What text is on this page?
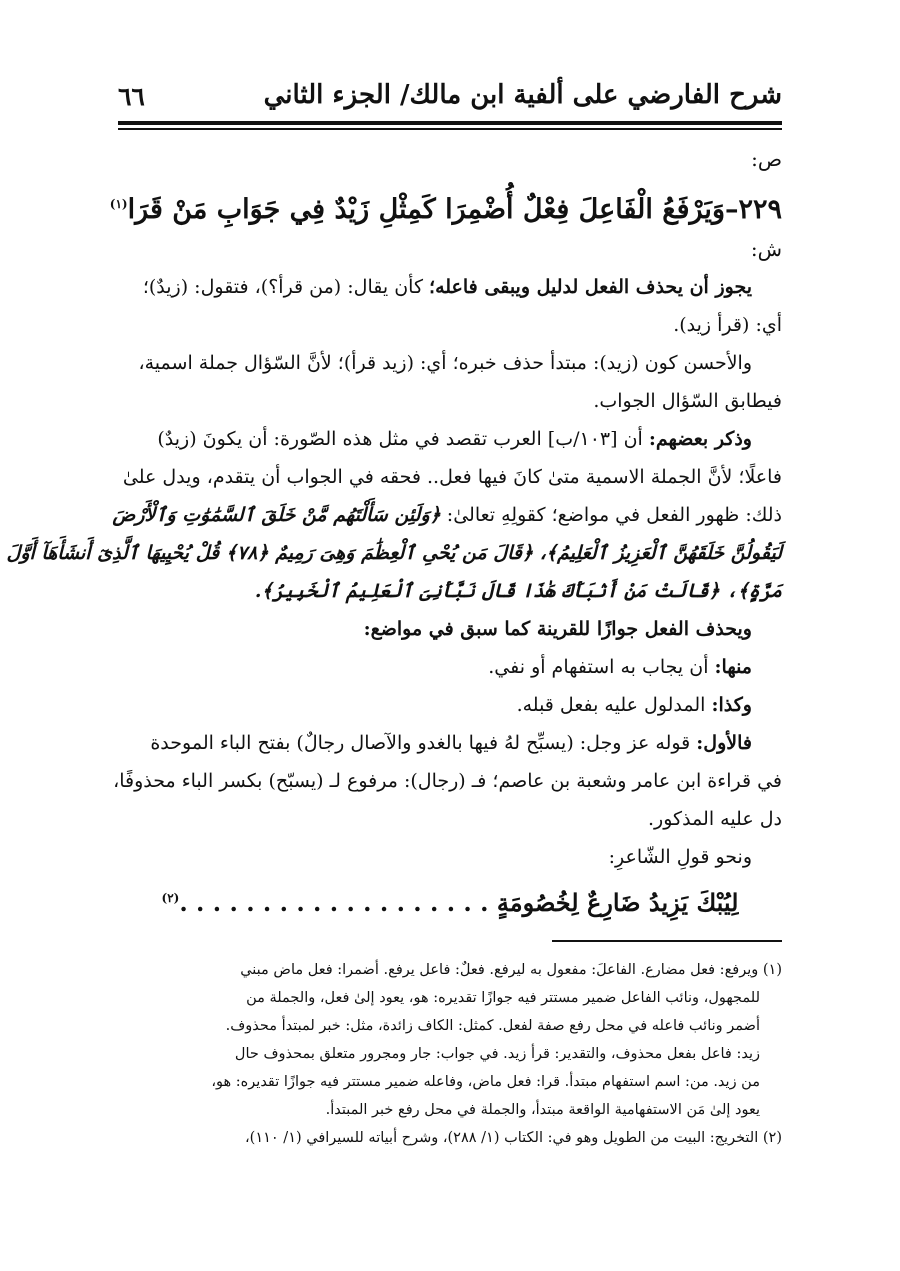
شرح الفارضي على ألفية ابن مالك/ الجزء الثاني
٦٦
ص:
٢٢٩–وَيَرْفَعُ الْفَاعِلَ فِعْلٌ أُضْمِرَا كَمِثْلِ زَيْدٌ فِي جَوَابِ مَنْ قَرَا$^{(١)}$
ش:
يجوز أن يحذف الفعل لدليل ويبقى فاعله؛ كأن يقال: (من قرأ؟)، فتقول: (زيدٌ)؛
أي: (قرأ زيد).
والأحسن كون (زيد): مبتدأ حذف خبره؛ أي: (زيد قرأ)؛ لأنَّ السّؤال جملة اسمية،
فيطابق السّؤال الجواب.
وذكر بعضهم: أن [١٠٣/ب] العرب تقصد في مثل هذه الصّورة: أن يكونَ (زيدٌ)
فاعلًا؛ لأنَّ الجملة الاسمية متىٰ كانَ فيها فعل.. فحقه في الجواب أن يتقدم، ويدل علىٰ
ذلك: ظهور الفعل في مواضع؛ كقولِهِ تعالىٰ: ﴿وَلَئِن سَأَلْتَهُم مَّنْ خَلَقَ ٱلسَّمَٰوَٰتِ وَٱلْأَرْضَ
لَيَقُولُنَّ خَلَقَهُنَّ ٱلْعَزِيزُ ٱلْعَلِيمُ﴾، ﴿قَالَ مَن يُحْىِ ٱلْعِظَٰمَ وَهِىَ رَمِيمٌ ﴿٧٨﴾ قُلْ يُحْيِيهَا ٱلَّذِىٓ أَنشَأَهَآ أَوَّلَ
مَرَّةٍ﴾، ﴿قَالَتْ مَنْ أَنۢبَأَكَ هَٰذَا قَالَ نَبَّأَنِىَ ٱلْعَلِيمُ ٱلْخَبِيرُ﴾.
ويحذف الفعل جوازًا للقرينة كما سبق في مواضع:
منها: أن يجاب به استفهام أو نفي.
وكذا: المدلول عليه بفعل قبله.
فالأول: قوله عز وجل: (يسبِّح لهُ فيها بالغدو والآصال رجالٌ) بفتح الباء الموحدة
في قراءة ابن عامر وشعبة بن عاصم؛ فـ (رجال): مرفوع لـ (يسبّح) بكسر الباء محذوفًا،
دل عليه المذكور.
ونحو قولِ الشّاعرِ:
لِيُبْكَ يَزِيدُ ضَارِعٌ لِخُصُومَةٍ . . . . . . . . . . . . . . . . . . .$^{(٢)}$
(١) ويرفع: فعل مضارع. الفاعلَ: مفعول به ليرفع. فعلٌ: فاعل يرفع. أضمرا: فعل ماض مبني
للمجهول، ونائب الفاعل ضمير مستتر فيه جوازًا تقديره: هو، يعود إلىٰ فعل، والجملة من
أضمر ونائب فاعله في محل رفع صفة لفعل. كمثل: الكاف زائدة، مثل: خبر لمبتدأ محذوف.
زيد: فاعل بفعل محذوف، والتقدير: قرأ زيد. في جواب: جار ومجرور متعلق بمحذوف حال
من زيد. من: اسم استفهام مبتدأ. قرا: فعل ماض، وفاعله ضمير مستتر فيه جوازًا تقديره: هو،
يعود إلىٰ مَن الاستفهامية الواقعة مبتدأ، والجملة في محل رفع خبر المبتدأ.
(٢) التخريج: البيت من الطويل وهو في: الكتاب (١/ ٢٨٨)، وشرح أبياته للسيرافي (١/ ١١٠)،
